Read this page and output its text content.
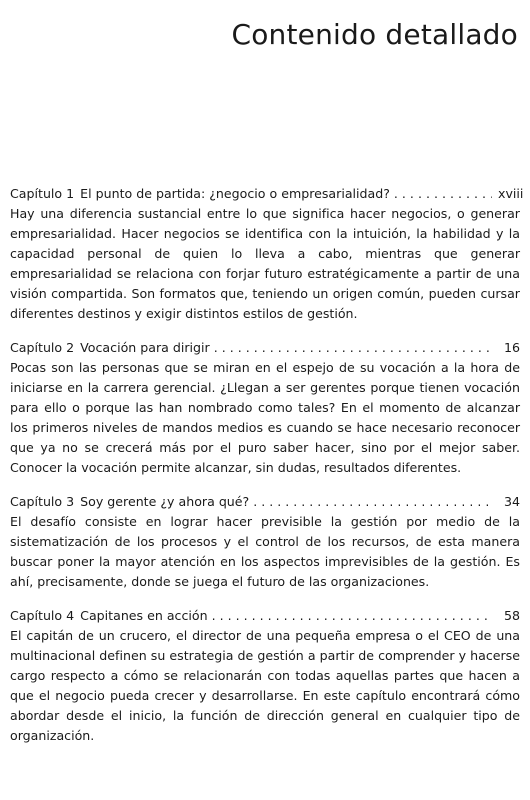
Contenido detallado
Capítulo 1 El punto de partida: ¿negocio o empresarialidad? . . .	xviii

Hay una diferencia sustancial entre lo que significa hacer negocios, o generar empresarialidad. Hacer negocios se identifica con la intuición, la habilidad y la capacidad personal de quien lo lleva a cabo, mientras que generar empresarialidad se relaciona con forjar futuro estratégicamente a partir de una visión compartida. Son formatos que, teniendo un origen común, pueden cursar diferentes destinos y exigir distintos estilos de gestión.

Capítulo 2 Vocación para dirigir . . .	16

Pocas son las personas que se miran en el espejo de su vocación a la hora de iniciarse en la carrera gerencial. ¿Llegan a ser gerentes porque tienen vocación para ello o porque las han nombrado como tales? En el momento de alcanzar los primeros niveles de mandos medios es cuando se hace necesario reconocer que ya no se crecerá más por el puro saber hacer, sino por el mejor saber. Conocer la vocación permite alcanzar, sin dudas, resultados diferentes.

Capítulo 3 Soy gerente ¿y ahora qué? . . .	34

El desafío consiste en lograr hacer previsible la gestión por medio de la sistematización de los procesos y el control de los recursos, de esta manera buscar poner la mayor atención en los aspectos imprevisibles de la gestión. Es ahí, precisamente, donde se juega el futuro de las organizaciones.

Capítulo 4 Capitanes en acción . . .	58

El capitán de un crucero, el director de una pequeña empresa o el CEO de una multinacional definen su estrategia de gestión a partir de comprender y hacerse cargo respecto a cómo se relacionarán con todas aquellas partes que hacen a que el negocio pueda crecer y desarrollarse. En este capítulo encontrará cómo abordar desde el inicio, la función de dirección general en cualquier tipo de organización.
